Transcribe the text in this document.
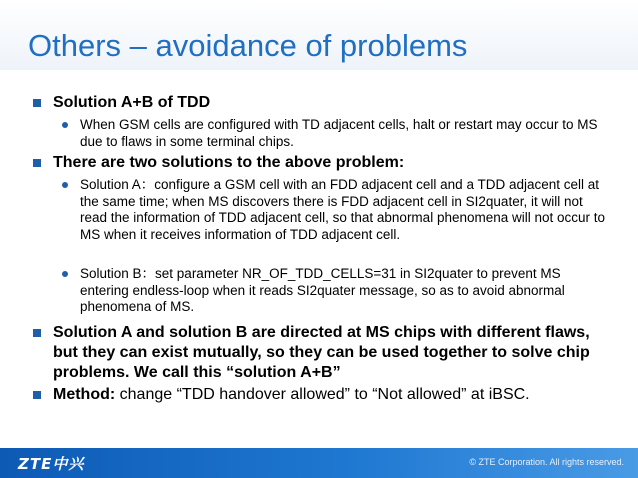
Others – avoidance of problems
Solution A+B of TDD
When GSM cells are configured with TD adjacent cells, halt or restart may occur to MS due to flaws in some terminal chips.
There are two solutions to the above problem:
Solution A：configure a GSM cell with an FDD adjacent cell and a TDD adjacent cell at the same time; when MS discovers there is FDD adjacent cell in SI2quater, it will not read the information of TDD adjacent cell, so that abnormal phenomena will not occur to MS when it receives information of TDD adjacent cell.
Solution B：set parameter NR_OF_TDD_CELLS=31 in SI2quater to prevent MS entering endless-loop when it reads SI2quater message, so as to avoid abnormal phenomena of MS.
Solution A and solution B are directed at MS chips with different flaws, but they can exist mutually, so they can be used together to solve chip problems. We call this “solution A+B”
Method: change “TDD handover allowed” to “Not allowed” at iBSC.
ZTE中兴	© ZTE Corporation. All rights reserved.
